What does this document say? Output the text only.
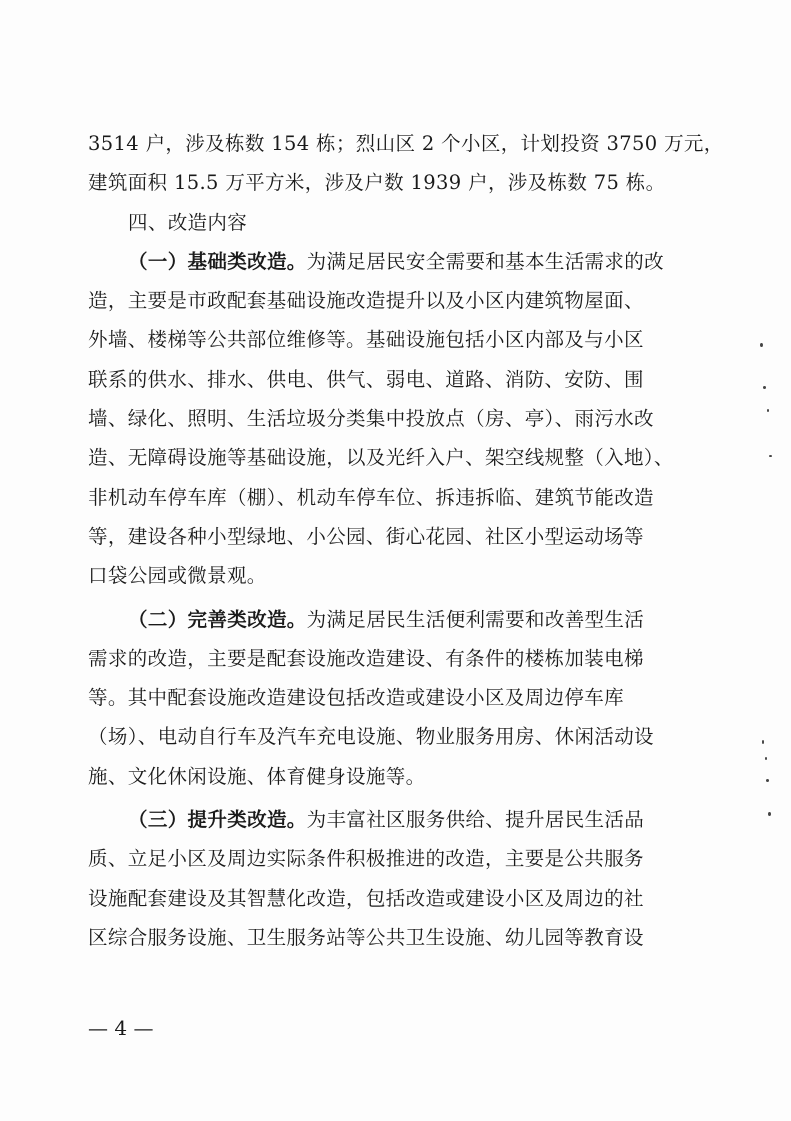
3514 户，涉及栋数 154 栋；烈山区 2 个小区，计划投资 3750 万元，
建筑面积 15.5 万平方米，涉及户数 1939 户，涉及栋数 75 栋。
四、改造内容
（一）基础类改造。为满足居民安全需要和基本生活需求的改
造，主要是市政配套基础设施改造提升以及小区内建筑物屋面、
外墙、楼梯等公共部位维修等。基础设施包括小区内部及与小区
联系的供水、排水、供电、供气、弱电、道路、消防、安防、围
墙、绿化、照明、生活垃圾分类集中投放点（房、亭）、雨污水改
造、无障碍设施等基础设施，以及光纤入户、架空线规整（入地）、
非机动车停车库（棚）、机动车停车位、拆违拆临、建筑节能改造
等，建设各种小型绿地、小公园、街心花园、社区小型运动场等
口袋公园或微景观。
（二）完善类改造。为满足居民生活便利需要和改善型生活
需求的改造，主要是配套设施改造建设、有条件的楼栋加装电梯
等。其中配套设施改造建设包括改造或建设小区及周边停车库
（场）、电动自行车及汽车充电设施、物业服务用房、休闲活动设
施、文化休闲设施、体育健身设施等。
（三）提升类改造。为丰富社区服务供给、提升居民生活品
质、立足小区及周边实际条件积极推进的改造，主要是公共服务
设施配套建设及其智慧化改造，包括改造或建设小区及周边的社
区综合服务设施、卫生服务站等公共卫生设施、幼儿园等教育设
— 4 —
